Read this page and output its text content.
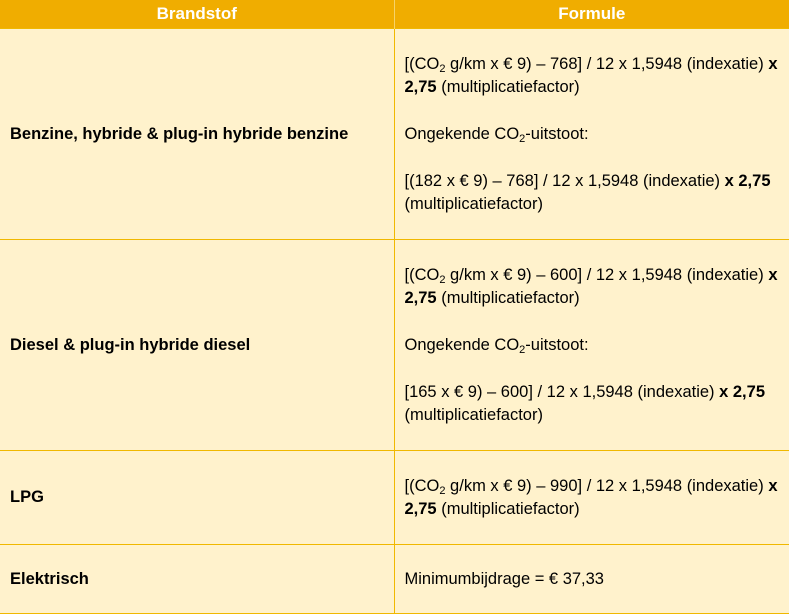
Brandstof	Formule
Benzine, hybride & plug-in hybride benzine	[($CO_2$ g/km x € 9) – 768] / 12 x 1,5948 (indexatie) x 2,75 (multiplicatiefactor)

Ongekende $CO_2$-uitstoot:

[(182 x € 9) – 768] / 12 x 1,5948 (indexatie) x 2,75 (multiplicatiefactor)

Diesel & plug-in hybride diesel	[($CO_2$ g/km x € 9) – 600] / 12 x 1,5948 (indexatie) x 2,75 (multiplicatiefactor)

Ongekende $CO_2$-uitstoot:

[165 x € 9) – 600] / 12 x 1,5948 (indexatie) x 2,75 (multiplicatiefactor)

LPG	[($CO_2$ g/km x € 9) – 990] / 12 x 1,5948 (indexatie) x 2,75 (multiplicatiefactor)

Elektrisch	Minimumbijdrage = € 37,33
